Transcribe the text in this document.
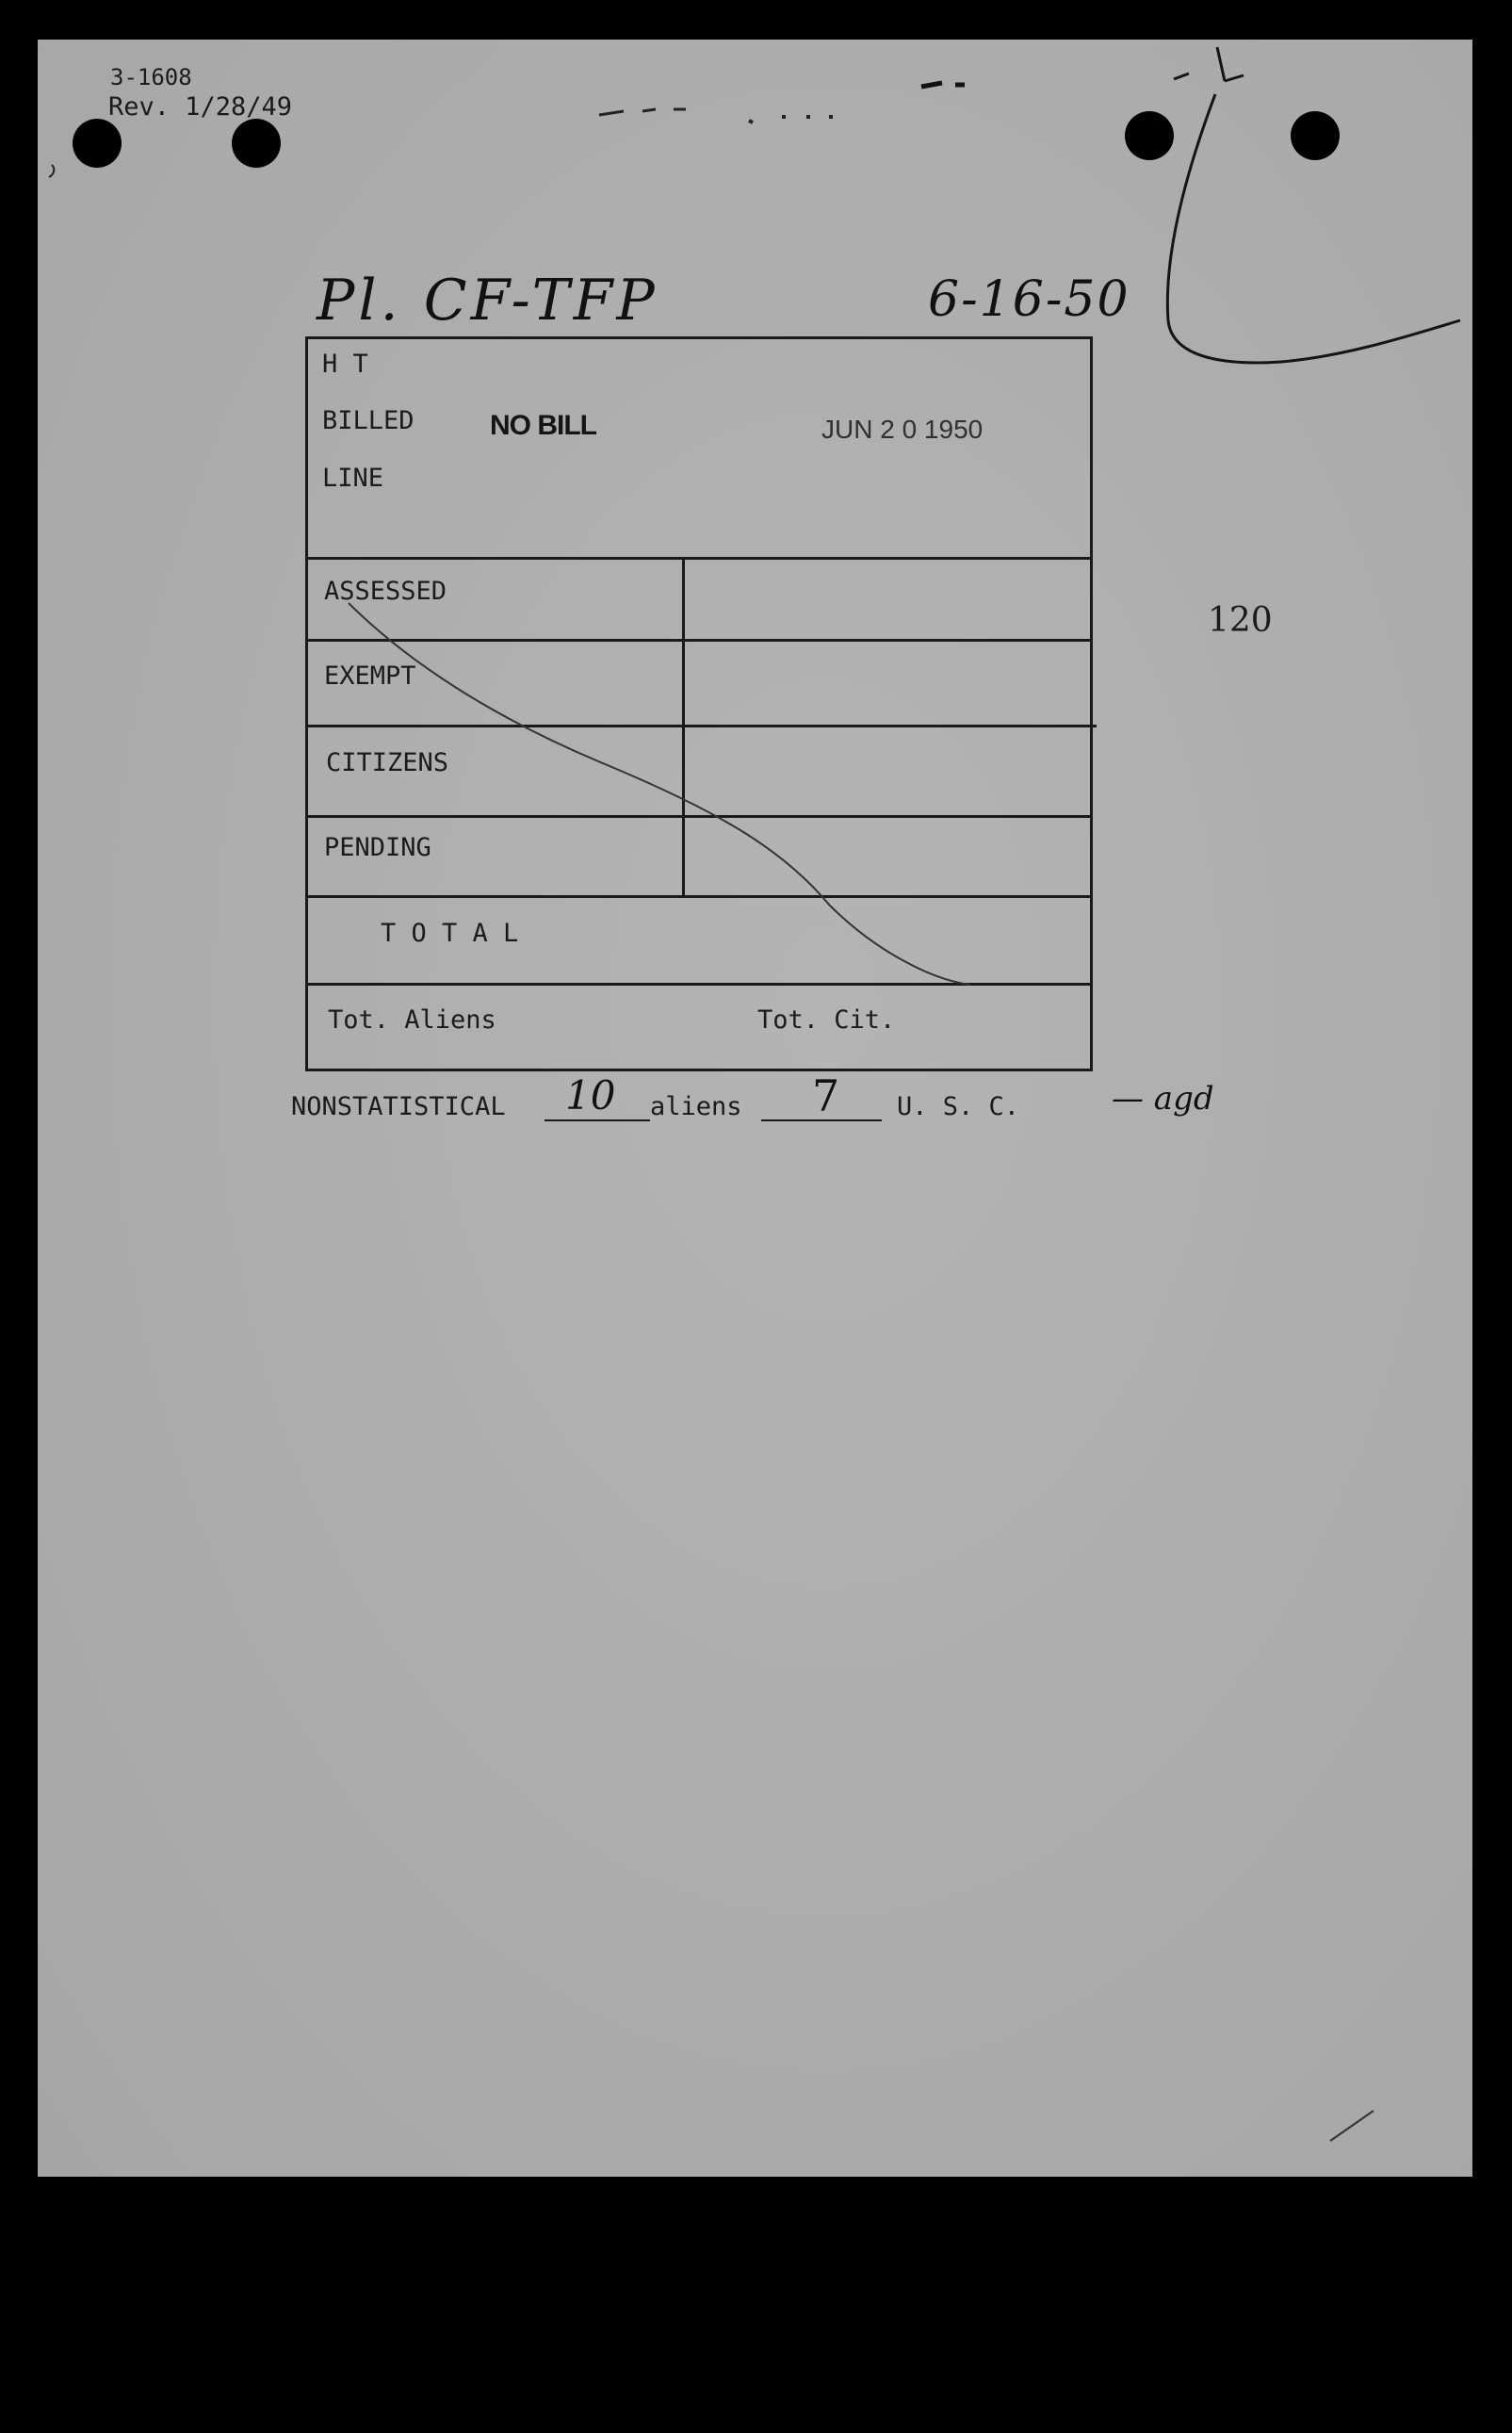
3-1608
Rev. 1/28/49
Pl. CF-TFP	6-16-50
H T
BILLED
LINE
NO BILL	JUN 2 0 1950
ASSESSED
EXEMPT
CITIZENS
PENDING
T O T A L
Tot. Aliens	Tot. Cit.
120
NONSTATISTICAL 10 aliens 7 U. S. C.	— agd
